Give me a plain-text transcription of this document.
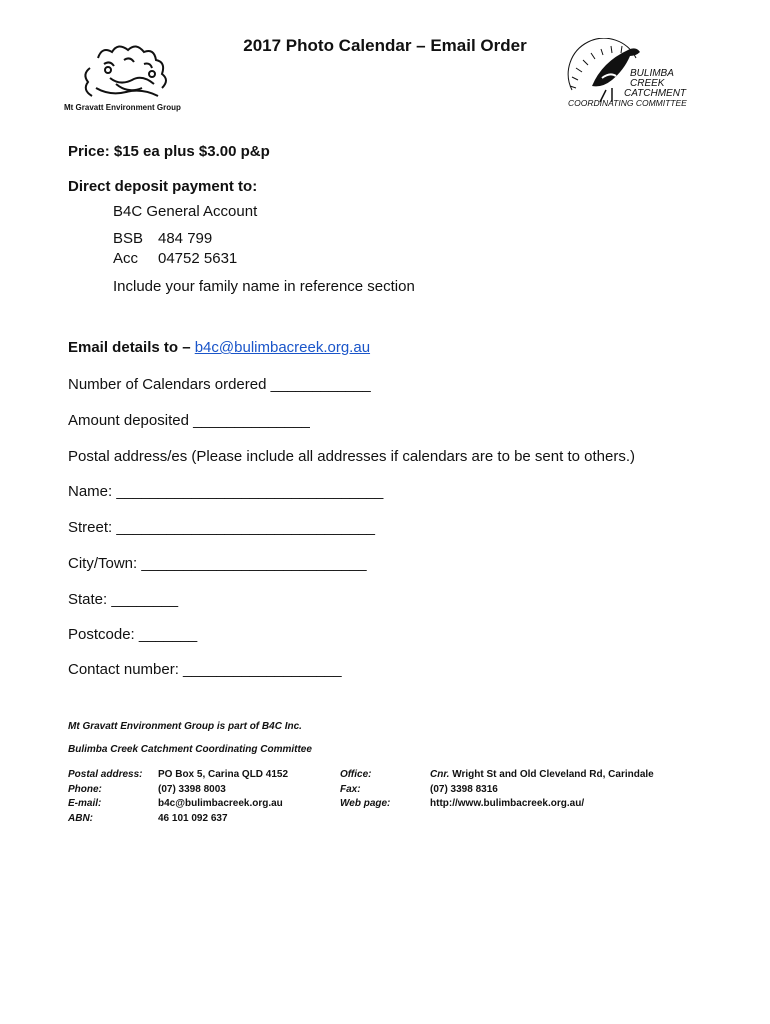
2017 Photo Calendar – Email Order
Mt Gravatt Environment Group
BULIMBA
CREEK
CATCHMENT
COORDINATING COMMITTEE
Price: $15 ea plus $3.00 p&p
Direct deposit payment to:
B4C General Account
BSB 484 799
Acc 04752 5631
Include your family name in reference section
Email details to – b4c@bulimbacreek.org.au
Number of Calendars ordered ____________
Amount deposited ______________
Postal address/es (Please include all addresses if calendars are to be sent to others.)
Name: ________________________________
Street: _______________________________
City/Town: ___________________________
State: ________
Postcode: _______
Contact number: ___________________
Mt Gravatt Environment Group is part of B4C Inc.
Bulimba Creek Catchment Coordinating Committee
Postal address:	PO Box 5, Carina QLD 4152	Office:	Cnr. Wright St and Old Cleveland Rd, Carindale
Phone:	(07) 3398 8003	Fax:	(07) 3398 8316
E-mail:	b4c@bulimbacreek.org.au	Web page:	http://www.bulimbacreek.org.au/
ABN:	46 101 092 637
